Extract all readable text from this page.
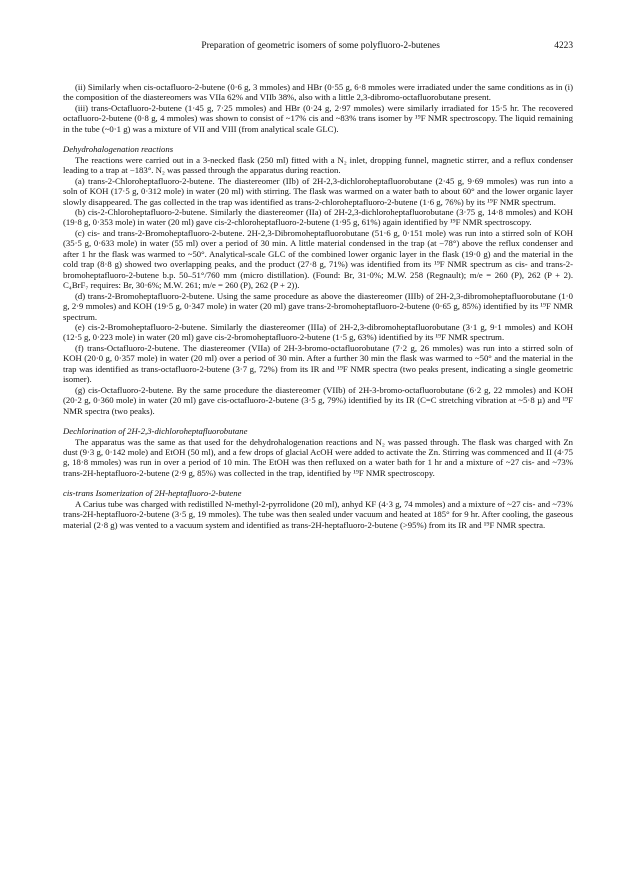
Preparation of geometric isomers of some polyfluoro-2-butenes	4223

(ii) Similarly when cis-octafluoro-2-butene (0·6 g, 3 mmoles) and HBr (0·55 g, 6·8 mmoles were irradiated under the same conditions as in (i) the composition of the diastereomers was VIIa 62% and VIIb 38%, also with a little 2,3-dibromo-octafluorobutane present.

(iii) trans-Octafluoro-2-butene (1·45 g, 7·25 mmoles) and HBr (0·24 g, 2·97 mmoles) were similarly irradiated for 15·5 hr. The recovered octafluoro-2-butene (0·8 g, 4 mmoles) was shown to consist of ~17% cis and ~83% trans isomer by ¹⁹F NMR spectroscopy. The liquid remaining in the tube (~0·1 g) was a mixture of VII and VIII (from analytical scale GLC).

Dehydrohalogenation reactions

The reactions were carried out in a 3-necked flask (250 ml) fitted with a N₂ inlet, dropping funnel, magnetic stirrer, and a reflux condenser leading to a trap at −183°. N₂ was passed through the apparatus during reaction.

(a) trans-2-Chloroheptafluoro-2-butene. The diastereomer (IIb) of 2H-2,3-dichloroheptafluorobutane (2·45 g, 9·69 mmoles) was run into a soln of KOH (17·5 g, 0·312 mole) in water (20 ml) with stirring. The flask was warmed on a water bath to about 60° and the lower organic layer slowly disappeared. The gas collected in the trap was identified as trans-2-chloroheptafluoro-2-butene (1·6 g, 76%) by its ¹⁹F NMR spectrum.

(b) cis-2-Chloroheptafluoro-2-butene. Similarly the diastereomer (IIa) of 2H-2,3-dichloroheptafluorobutane (3·75 g, 14·8 mmoles) and KOH (19·8 g, 0·353 mole) in water (20 ml) gave cis-2-chloroheptafluoro-2-butene (1·95 g, 61%) again identified by ¹⁹F NMR spectroscopy.

(c) cis- and trans-2-Bromoheptafluoro-2-butene. 2H-2,3-Dibromoheptafluorobutane (51·6 g, 0·151 mole) was run into a stirred soln of KOH (35·5 g, 0·633 mole) in water (55 ml) over a period of 30 min. A little material condensed in the trap (at −78°) above the reflux condenser and after 1 hr the flask was warmed to ~50°. Analytical-scale GLC of the combined lower organic layer in the flask (19·0 g) and the material in the cold trap (8·8 g) showed two overlapping peaks, and the product (27·8 g, 71%) was identified from its ¹⁹F NMR spectrum as cis- and trans-2-bromoheptafluoro-2-butene b.p. 50–51°/760 mm (micro distillation). (Found: Br, 31·0%; M.W. 258 (Regnault); m/e = 260 (P), 262 (P + 2). C₄BrF₇ requires: Br, 30·6%; M.W. 261; m/e = 260 (P), 262 (P + 2)).

(d) trans-2-Bromoheptafluoro-2-butene. Using the same procedure as above the diastereomer (IIIb) of 2H-2,3-dibromoheptafluorobutane (1·0 g, 2·9 mmoles) and KOH (19·5 g, 0·347 mole) in water (20 ml) gave trans-2-bromoheptafluoro-2-butene (0·65 g, 85%) identified by its ¹⁹F NMR spectrum.

(e) cis-2-Bromoheptafluoro-2-butene. Similarly the diastereomer (IIIa) of 2H-2,3-dibromoheptafluorobutane (3·1 g, 9·1 mmoles) and KOH (12·5 g, 0·223 mole) in water (20 ml) gave cis-2-bromoheptafluoro-2-butene (1·5 g, 63%) identified by its ¹⁹F NMR spectrum.

(f) trans-Octafluoro-2-butene. The diastereomer (VIIa) of 2H-3-bromo-octafluorobutane (7·2 g, 26 mmoles) was run into a stirred soln of KOH (20·0 g, 0·357 mole) in water (20 ml) over a period of 30 min. After a further 30 min the flask was warmed to ~50° and the material in the trap was identified as trans-octafluoro-2-butene (3·7 g, 72%) from its IR and ¹⁹F NMR spectra (two peaks present, indicating a single geometric isomer).

(g) cis-Octafluoro-2-butene. By the same procedure the diastereomer (VIIb) of 2H-3-bromo-octafluorobutane (6·2 g, 22 mmoles) and KOH (20·2 g, 0·360 mole) in water (20 ml) gave cis-octafluoro-2-butene (3·5 g, 79%) identified by its IR (C=C stretching vibration at ~5·8 µ) and ¹⁹F NMR spectra (two peaks).

Dechlorination of 2H-2,3-dichloroheptafluorobutane

The apparatus was the same as that used for the dehydrohalogenation reactions and N₂ was passed through. The flask was charged with Zn dust (9·3 g, 0·142 mole) and EtOH (50 ml), and a few drops of glacial AcOH were added to activate the Zn. Stirring was commenced and II (4·75 g, 18·8 mmoles) was run in over a period of 10 min. The EtOH was then refluxed on a water bath for 1 hr and a mixture of ~27 cis- and ~73% trans-2H-heptafluoro-2-butene (2·9 g, 85%) was collected in the trap, identified by ¹⁹F NMR spectroscopy.

cis-trans Isomerization of 2H-heptafluoro-2-butene

A Carius tube was charged with redistilled N-methyl-2-pyrrolidone (20 ml), anhyd KF (4·3 g, 74 mmoles) and a mixture of ~27 cis- and ~73% trans-2H-heptafluoro-2-butene (3·5 g, 19 mmoles). The tube was then sealed under vacuum and heated at 185° for 9 hr. After cooling, the gaseous material (2·8 g) was vented to a vacuum system and identified as trans-2H-heptafluoro-2-butene (>95%) from its IR and ¹⁹F NMR spectra.
